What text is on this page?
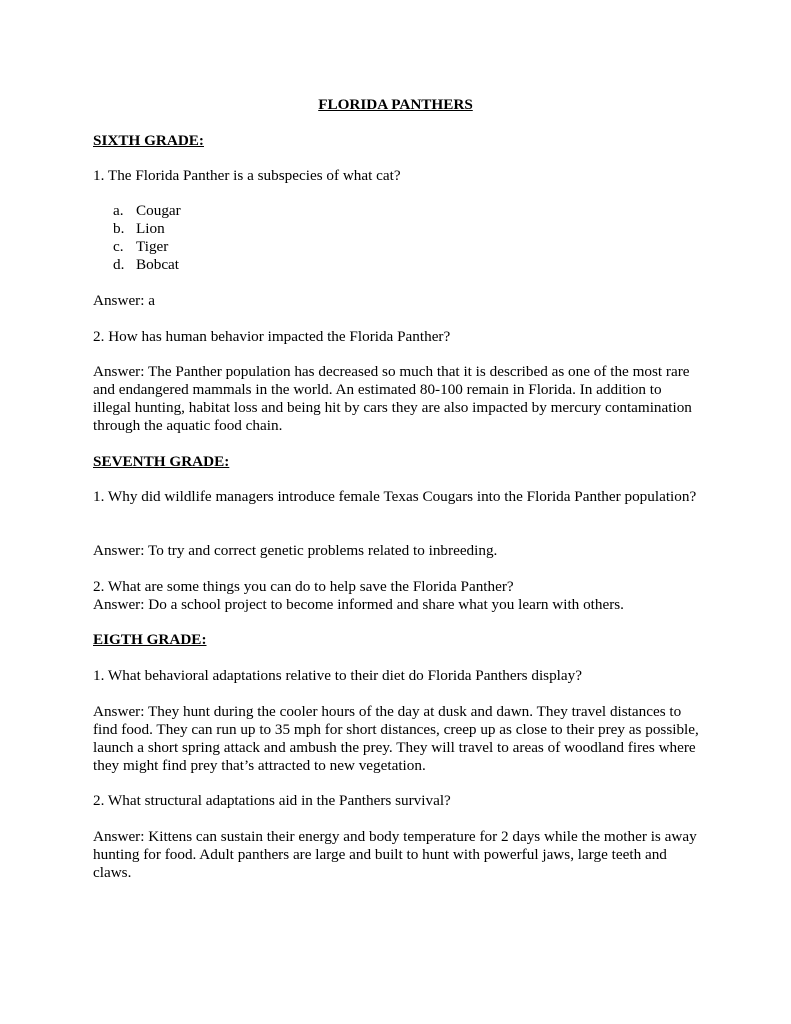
FLORIDA PANTHERS

SIXTH GRADE:

1. The Florida Panther is a subspecies of what cat?

a. Cougar
b. Lion
c. Tiger
d. Bobcat

Answer: a

2. How has human behavior impacted the Florida Panther?

Answer: The Panther population has decreased so much that it is described as one of the most rare and endangered mammals in the world. An estimated 80-100 remain in Florida. In addition to illegal hunting, habitat loss and being hit by cars they are also impacted by mercury contamination through the aquatic food chain.

SEVENTH GRADE:

1. Why did wildlife managers introduce female Texas Cougars into the Florida Panther population?

Answer: To try and correct genetic problems related to inbreeding.

2. What are some things you can do to help save the Florida Panther?

Answer: Do a school project to become informed and share what you learn with others.

EIGTH GRADE:

1. What behavioral adaptations relative to their diet do Florida Panthers display?

Answer: They hunt during the cooler hours of the day at dusk and dawn. They travel distances to find food. They can run up to 35 mph for short distances, creep up as close to their prey as possible, launch a short spring attack and ambush the prey. They will travel to areas of woodland fires where they might find prey that’s attracted to new vegetation.

2. What structural adaptations aid in the Panthers survival?

Answer: Kittens can sustain their energy and body temperature for 2 days while the mother is away hunting for food. Adult panthers are large and built to hunt with powerful jaws, large teeth and claws.
